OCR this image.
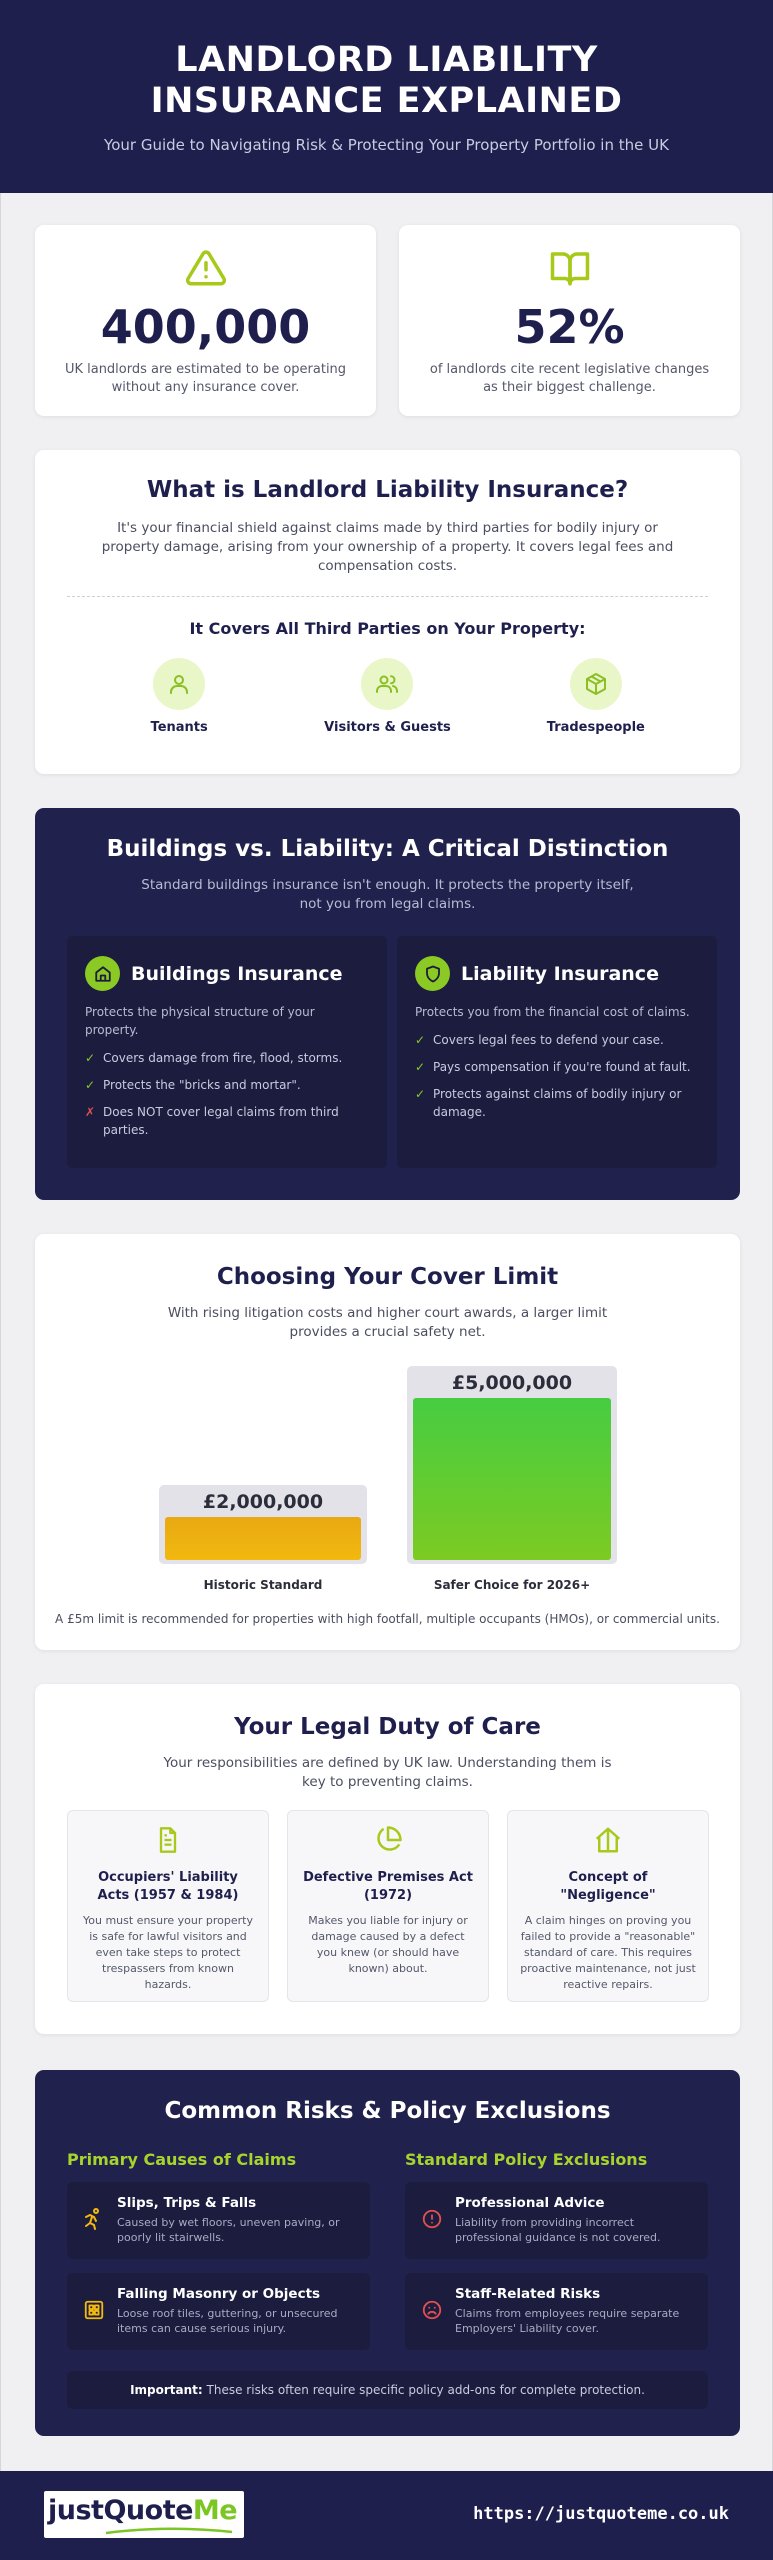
LANDLORD LIABILITY
INSURANCE EXPLAINED

Your Guide to Navigating Risk & Protecting Your Property Portfolio in the UK

400,000
UK landlords are estimated to be operating without any insurance cover.
52%
of landlords cite recent legislative changes as their biggest challenge.
What is Landlord Liability Insurance?

It's your financial shield against claims made by third parties for bodily injury or property damage, arising from your ownership of a property. It covers legal fees and compensation costs.

It Covers All Third Parties on Your Property:
Tenants	Visitors & Guests	Tradespeople
Buildings vs. Liability: A Critical Distinction

Standard buildings insurance isn't enough. It protects the property itself, not you from legal claims.

Buildings Insurance
Protects the physical structure of your property.
✓ Covers damage from fire, flood, storms.
✓ Protects the "bricks and mortar".
✗ Does NOT cover legal claims from third parties.
Liability Insurance
Protects you from the financial cost of claims.
✓ Covers legal fees to defend your case.
✓ Pays compensation if you're found at fault.
✓ Protects against claims of bodily injury or damage.
Choosing Your Cover Limit

With rising litigation costs and higher court awards, a larger limit provides a crucial safety net.

£2,000,000
Historic Standard
£5,000,000
Safer Choice for 2026+
A £5m limit is recommended for properties with high footfall, multiple occupants (HMOs), or commercial units.
Your Legal Duty of Care

Your responsibilities are defined by UK law. Understanding them is key to preventing claims.

Occupiers' Liability Acts (1957 & 1984)
You must ensure your property is safe for lawful visitors and even take steps to protect trespassers from known hazards.
Defective Premises Act (1972)
Makes you liable for injury or damage caused by a defect you knew (or should have known) about.
Concept of "Negligence"
A claim hinges on proving you failed to provide a "reasonable" standard of care. This requires proactive maintenance, not just reactive repairs.
Common Risks & Policy Exclusions
Primary Causes of Claims	Standard Policy Exclusions
Slips, Trips & Falls
Caused by wet floors, uneven paving, or poorly lit stairwells.
Falling Masonry or Objects
Loose roof tiles, guttering, or unsecured items can cause serious injury.
Professional Advice
Liability from providing incorrect professional guidance is not covered.
Staff-Related Risks
Claims from employees require separate Employers' Liability cover.
Important: These risks often require specific policy add-ons for complete protection.
justQuoteMe	https://justquoteme.co.uk
